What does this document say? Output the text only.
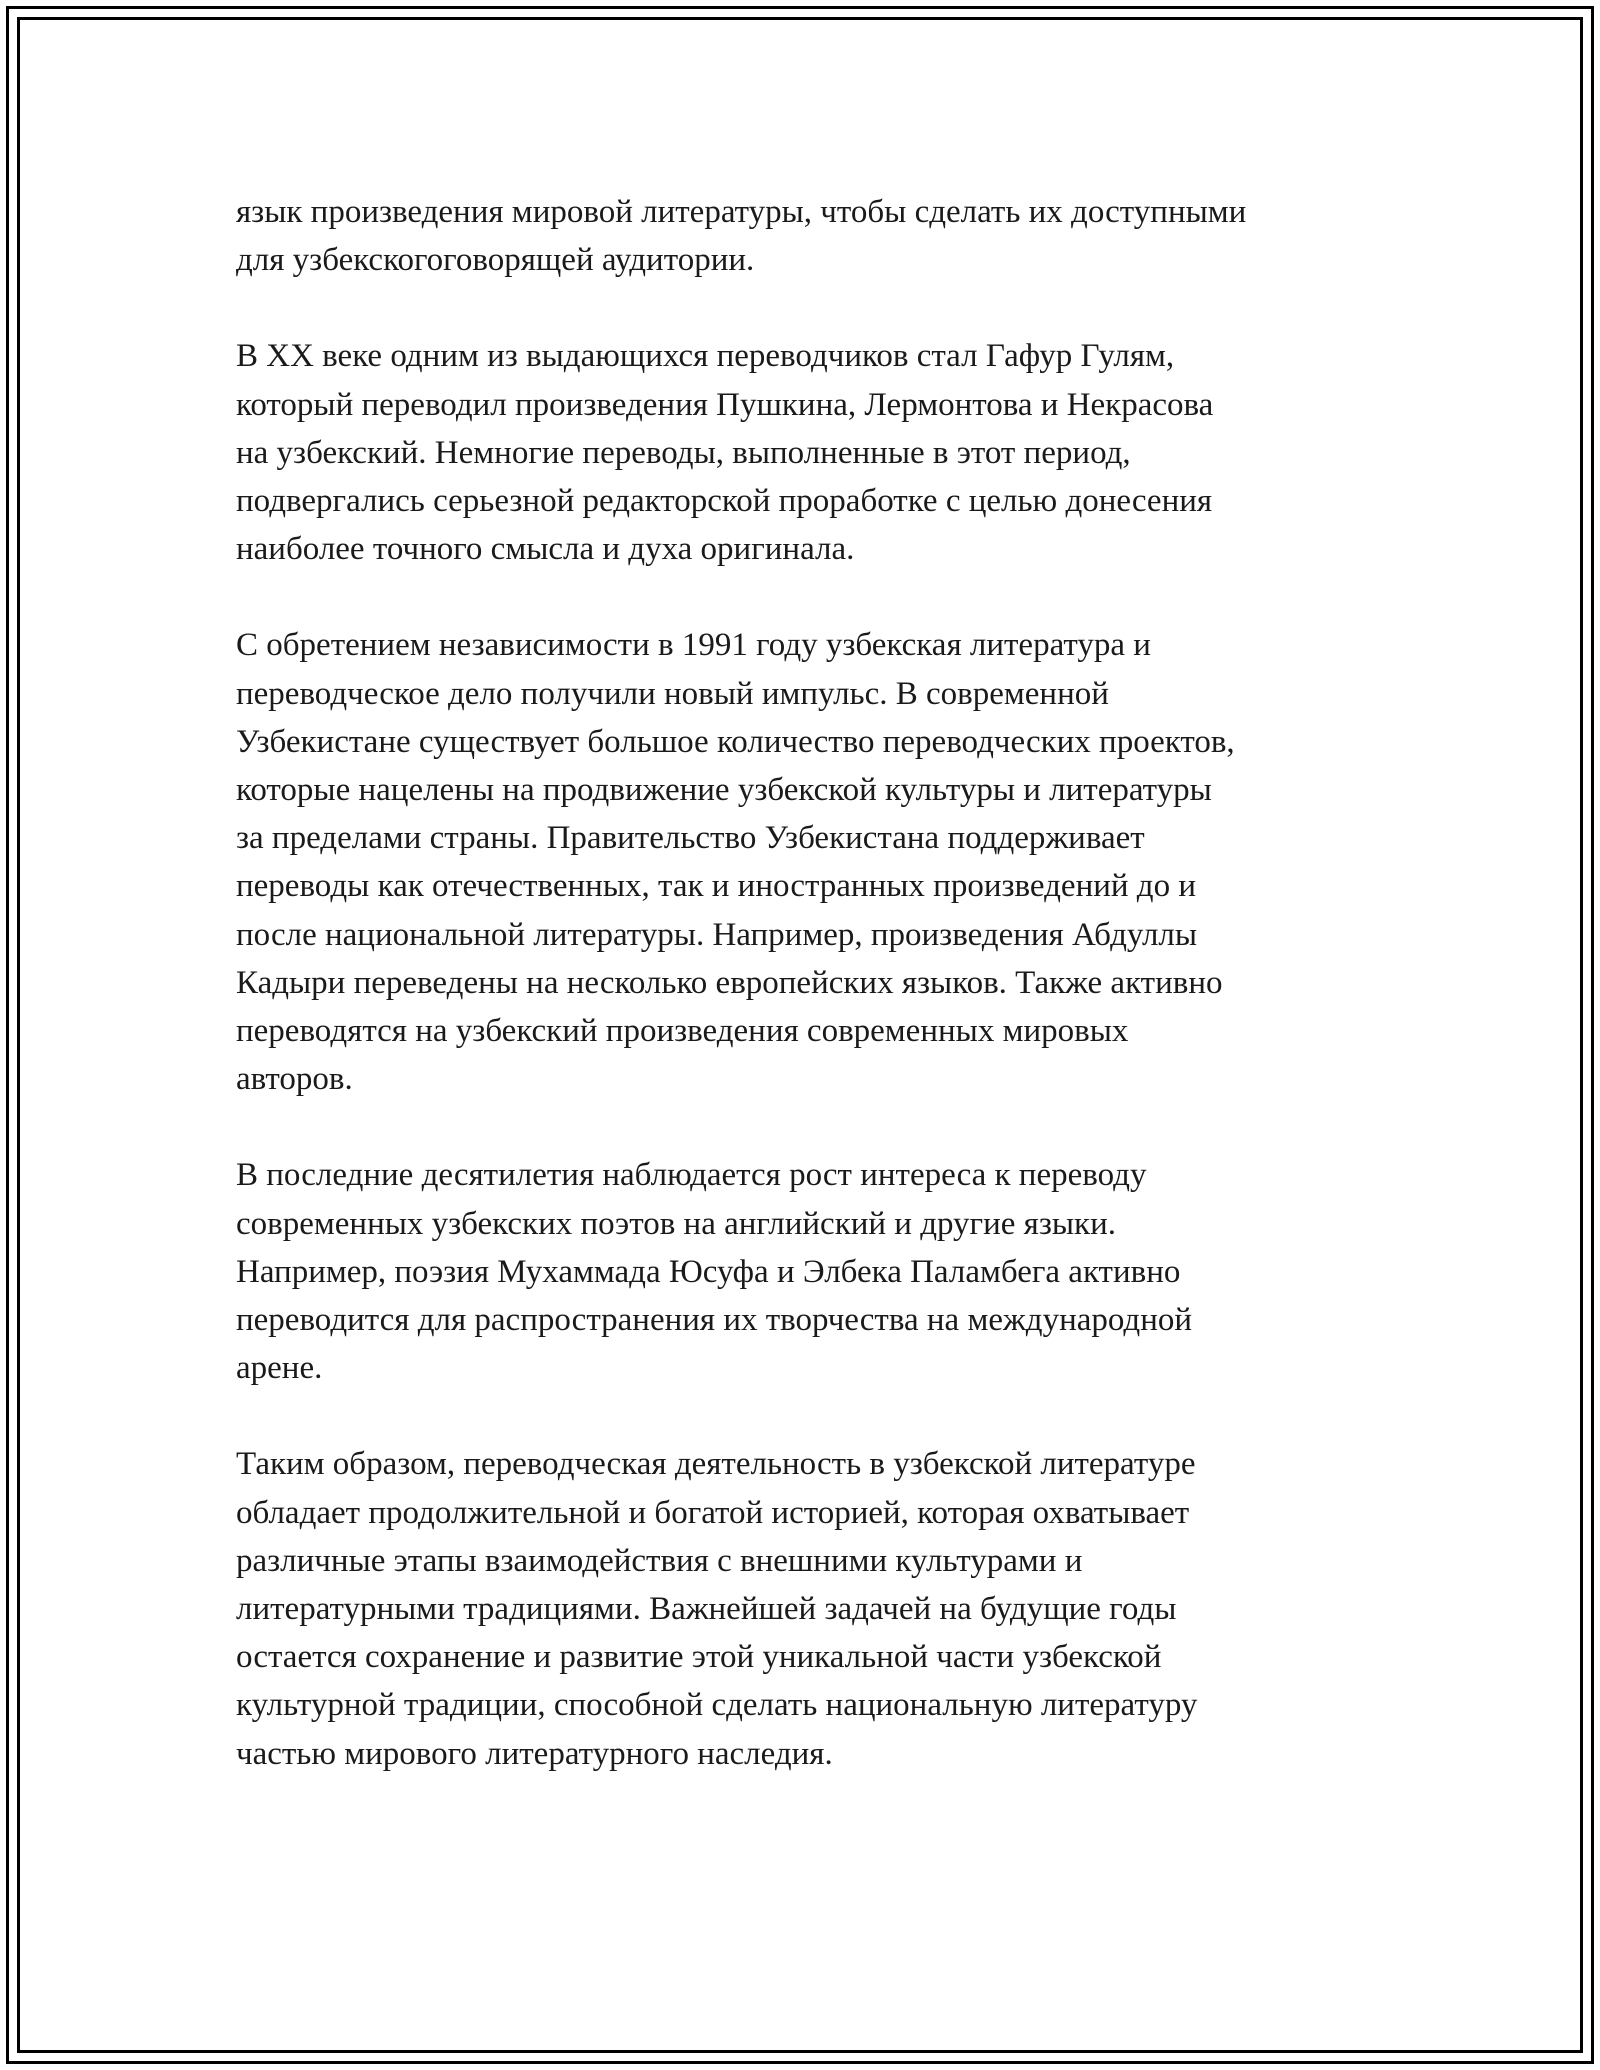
язык произведения мировой литературы, чтобы сделать их доступными
для узбекскогоговорящей аудитории.

В XX веке одним из выдающихся переводчиков стал Гафур Гулям,
который переводил произведения Пушкина, Лермонтова и Некрасова
на узбекский. Немногие переводы, выполненные в этот период,
подвергались серьезной редакторской проработке с целью донесения
наиболее точного смысла и духа оригинала.

С обретением независимости в 1991 году узбекская литература и
переводческое дело получили новый импульс. В современной
Узбекистане существует большое количество переводческих проектов,
которые нацелены на продвижение узбекской культуры и литературы
за пределами страны. Правительство Узбекистана поддерживает
переводы как отечественных, так и иностранных произведений до и
после национальной литературы. Например, произведения Абдуллы
Кадыри переведены на несколько европейских языков. Также активно
переводятся на узбекский произведения современных мировых
авторов.

В последние десятилетия наблюдается рост интереса к переводу
современных узбекских поэтов на английский и другие языки.
Например, поэзия Мухаммада Юсуфа и Элбека Паламбега активно
переводится для распространения их творчества на международной
арене.

Таким образом, переводческая деятельность в узбекской литературе
обладает продолжительной и богатой историей, которая охватывает
различные этапы взаимодействия с внешними культурами и
литературными традициями. Важнейшей задачей на будущие годы
остается сохранение и развитие этой уникальной части узбекской
культурной традиции, способной сделать национальную литературу
частью мирового литературного наследия.
